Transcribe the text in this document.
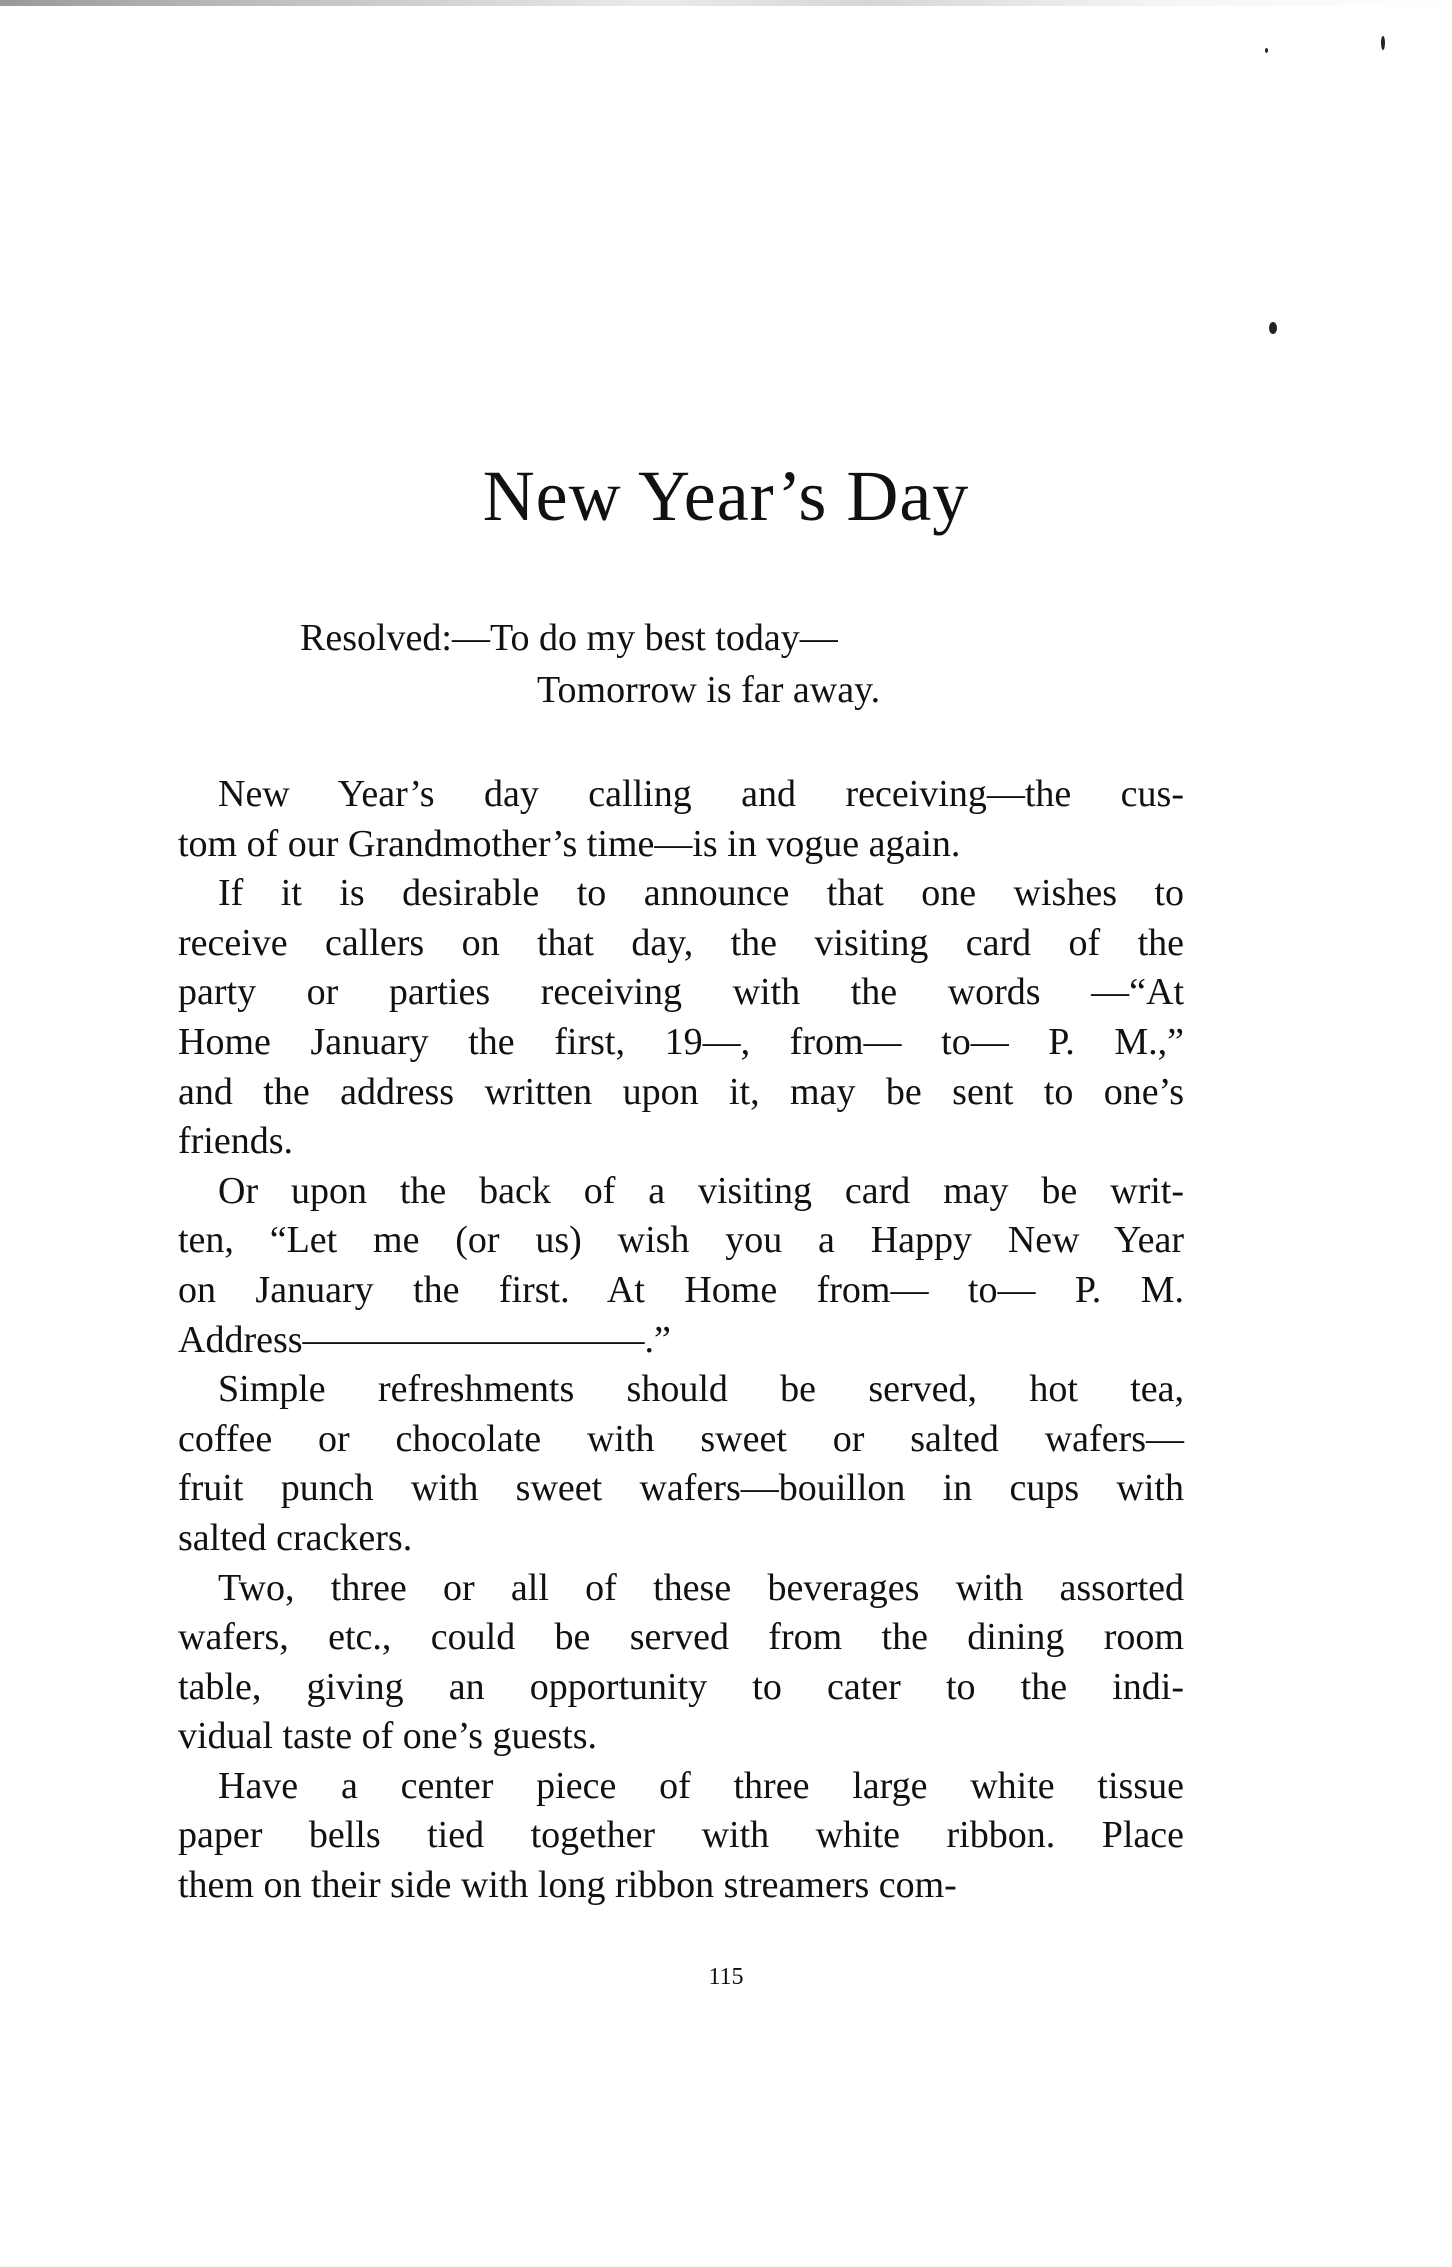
New Year’s Day
Resolved:—To do my best today—
Tomorrow is far away.
New Year’s day calling and receiving—the cus-
tom of our Grandmother’s time—is in vogue again.
If it is desirable to announce that one wishes to
receive callers on that day, the visiting card of the
party or parties receiving with the words —“At
Home January the first, 19—, from— to— P. M.,”
and the address written upon it, may be sent to one’s
friends.
Or upon the back of a visiting card may be writ-
ten, “Let me (or us) wish you a Happy New Year
on January the first. At Home from— to— P. M.
Address—————————.”
Simple refreshments should be served, hot tea,
coffee or chocolate with sweet or salted wafers—
fruit punch with sweet wafers—bouillon in cups with
salted crackers.
Two, three or all of these beverages with assorted
wafers, etc., could be served from the dining room
table, giving an opportunity to cater to the indi-
vidual taste of one’s guests.
Have a center piece of three large white tissue
paper bells tied together with white ribbon. Place
them on their side with long ribbon streamers com-
115
